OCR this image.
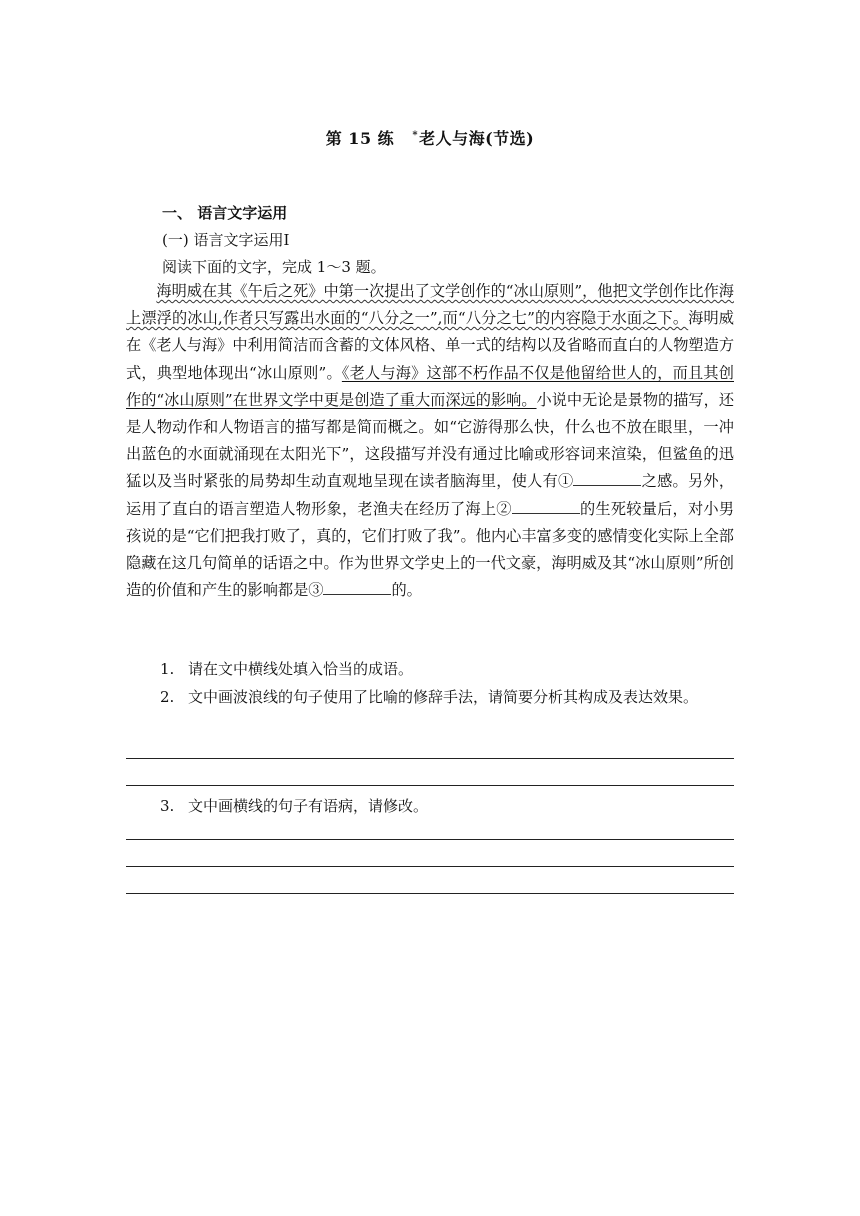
第 15 练 *老人与海(节选)
一、 语言文字运用
(一) 语言文字运用Ⅰ
阅读下面的文字，完成 1～3 题。

海明威在其《午后之死》中第一次提出了文学创作的“冰山原则”，他把文学创作比作海上漂浮的冰山,作者只写露出水面的“八分之一”,而“八分之七”的内容隐于水面之下。海明威在《老人与海》中利用简洁而含蓄的文体风格、单一式的结构以及省略而直白的人物塑造方式，典型地体现出“冰山原则”。《老人与海》这部不朽作品不仅是他留给世人的，而且其创作的“冰山原则”在世界文学中更是创造了重大而深远的影响。小说中无论是景物的描写，还是人物动作和人物语言的描写都是简而概之。如“它游得那么快，什么也不放在眼里，一冲出蓝色的水面就涌现在太阳光下”，这段描写并没有通过比喻或形容词来渲染，但鲨鱼的迅猛以及当时紧张的局势却生动直观地呈现在读者脑海里，使人有①	之感。另外，运用了直白的语言塑造人物形象，老渔夫在经历了海上②	的生死较量后，对小男孩说的是“它们把我打败了，真的，它们打败了我”。他内心丰富多变的感情变化实际上全部隐藏在这几句简单的话语之中。作为世界文学史上的一代文豪，海明威及其“冰山原则”所创造的价值和产生的影响都是③	的。

1. 请在文中横线处填入恰当的成语。
2. 文中画波浪线的句子使用了比喻的修辞手法，请简要分析其构成及表达效果。
3. 文中画横线的句子有语病，请修改。
